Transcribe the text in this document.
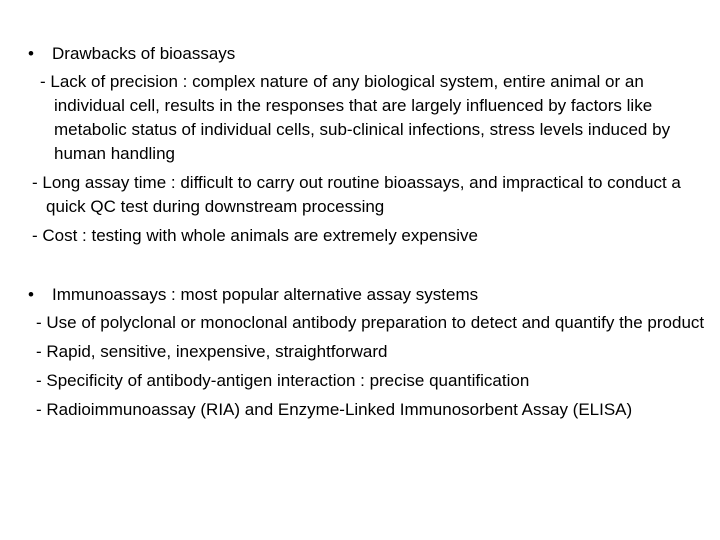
•	Drawbacks of bioassays
- Lack of precision : complex nature of any biological system, entire animal or an individual cell, results in the responses that are largely influenced by factors like metabolic status of individual cells, sub-clinical infections, stress levels induced by human handling
- Long assay time : difficult to carry out routine bioassays, and impractical to conduct a quick QC test during downstream processing
- Cost : testing with whole animals are extremely expensive
•	Immunoassays : most popular alternative assay systems
- Use of polyclonal or monoclonal antibody preparation to detect and quantify the product
- Rapid, sensitive, inexpensive, straightforward
- Specificity of antibody-antigen interaction : precise quantification
- Radioimmunoassay (RIA) and Enzyme-Linked Immunosorbent Assay (ELISA)
